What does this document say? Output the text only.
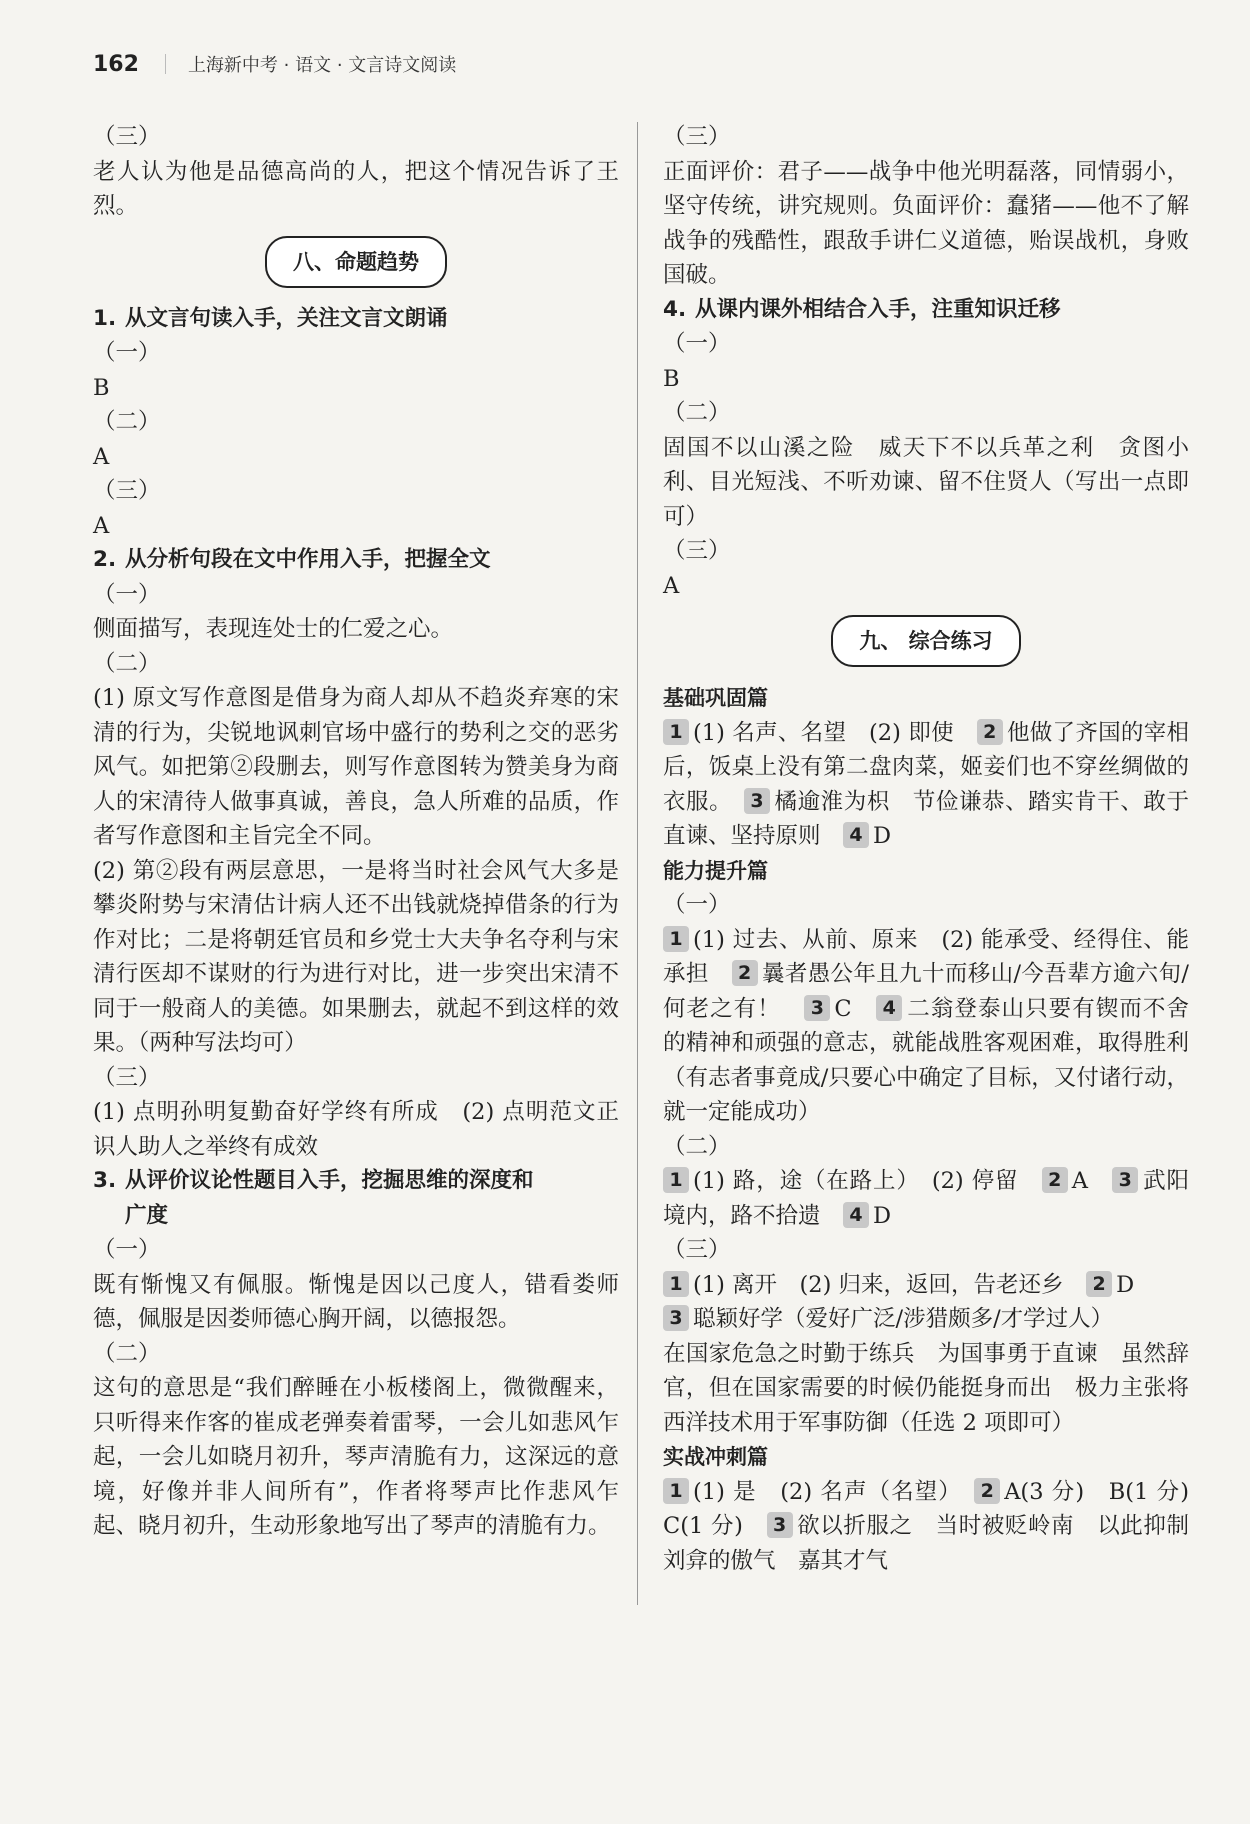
162	上海新中考 · 语文 · 文言诗文阅读
（三）

老人认为他是品德高尚的人，把这个情况告诉了王烈。

八、命题趋势
1. 从文言句读入手，关注文言文朗诵
（一）
B
（二）
A
（三）
A
2. 从分析句段在文中作用入手，把握全文
（一）

侧面描写，表现连处士的仁爱之心。

（二）

(1) 原文写作意图是借身为商人却从不趋炎弃寒的宋清的行为，尖锐地讽刺官场中盛行的势利之交的恶劣风气。如把第②段删去，则写作意图转为赞美身为商人的宋清待人做事真诚，善良，急人所难的品质，作者写作意图和主旨完全不同。

(2) 第②段有两层意思，一是将当时社会风气大多是攀炎附势与宋清估计病人还不出钱就烧掉借条的行为作对比；二是将朝廷官员和乡党士大夫争名夺利与宋清行医却不谋财的行为进行对比，进一步突出宋清不同于一般商人的美德。如果删去，就起不到这样的效果。（两种写法均可）

（三）

(1) 点明孙明复勤奋好学终有所成　(2) 点明范文正识人助人之举终有成效

3. 从评价议论性题目入手，挖掘思维的深度和
广度
（一）

既有惭愧又有佩服。惭愧是因以己度人，错看娄师德，佩服是因娄师德心胸开阔，以德报怨。

（二）

这句的意思是“我们醉睡在小板楼阁上，微微醒来，只听得来作客的崔成老弹奏着雷琴，一会儿如悲风乍起，一会儿如晓月初升，琴声清脆有力，这深远的意境，好像并非人间所有”，作者将琴声比作悲风乍起、晓月初升，生动形象地写出了琴声的清脆有力。

（三）

正面评价：君子——战争中他光明磊落，同情弱小，坚守传统，讲究规则。负面评价：蠢猪——他不了解战争的残酷性，跟敌手讲仁义道德，贻误战机，身败国破。

4. 从课内课外相结合入手，注重知识迁移
（一）
B
（二）

固国不以山溪之险　威天下不以兵革之利　贪图小利、目光短浅、不听劝谏、留不住贤人（写出一点即可）

（三）
A
九、 综合练习
基础巩固篇

1 (1) 名声、名望　(2) 即使　 2 他做了齐国的宰相后，饭桌上没有第二盘肉菜，姬妾们也不穿丝绸做的衣服。　 3 橘逾淮为枳　节俭谦恭、踏实肯干、敢于直谏、坚持原则　 4 D

能力提升篇
（一）

1 (1) 过去、从前、原来　(2) 能承受、经得住、能承担　 2 曩者愚公年且九十而移山/今吾辈方逾六旬/何老之有！　 3 C　 4 二翁登泰山只要有锲而不舍的精神和顽强的意志，就能战胜客观困难，取得胜利（有志者事竟成/只要心中确定了目标，又付诸行动，就一定能成功）

（二）

1 (1) 路，途（在路上）　(2) 停留　 2 A　 3 武阳境内，路不拾遗　 4 D

（三）

1 (1) 离开　(2) 归来，返回，告老还乡　 2 D

3 聪颖好学（爱好广泛/涉猎颇多/才学过人）

在国家危急之时勤于练兵　为国事勇于直谏　虽然辞官，但在国家需要的时候仍能挺身而出　极力主张将西洋技术用于军事防御（任选 2 项即可）

实战冲刺篇

1 (1) 是　(2) 名声（名望）　 2 A(3 分)　B(1 分)　C(1 分)　 3 欲以折服之　当时被贬岭南　以此抑制刘弇的傲气　嘉其才气
